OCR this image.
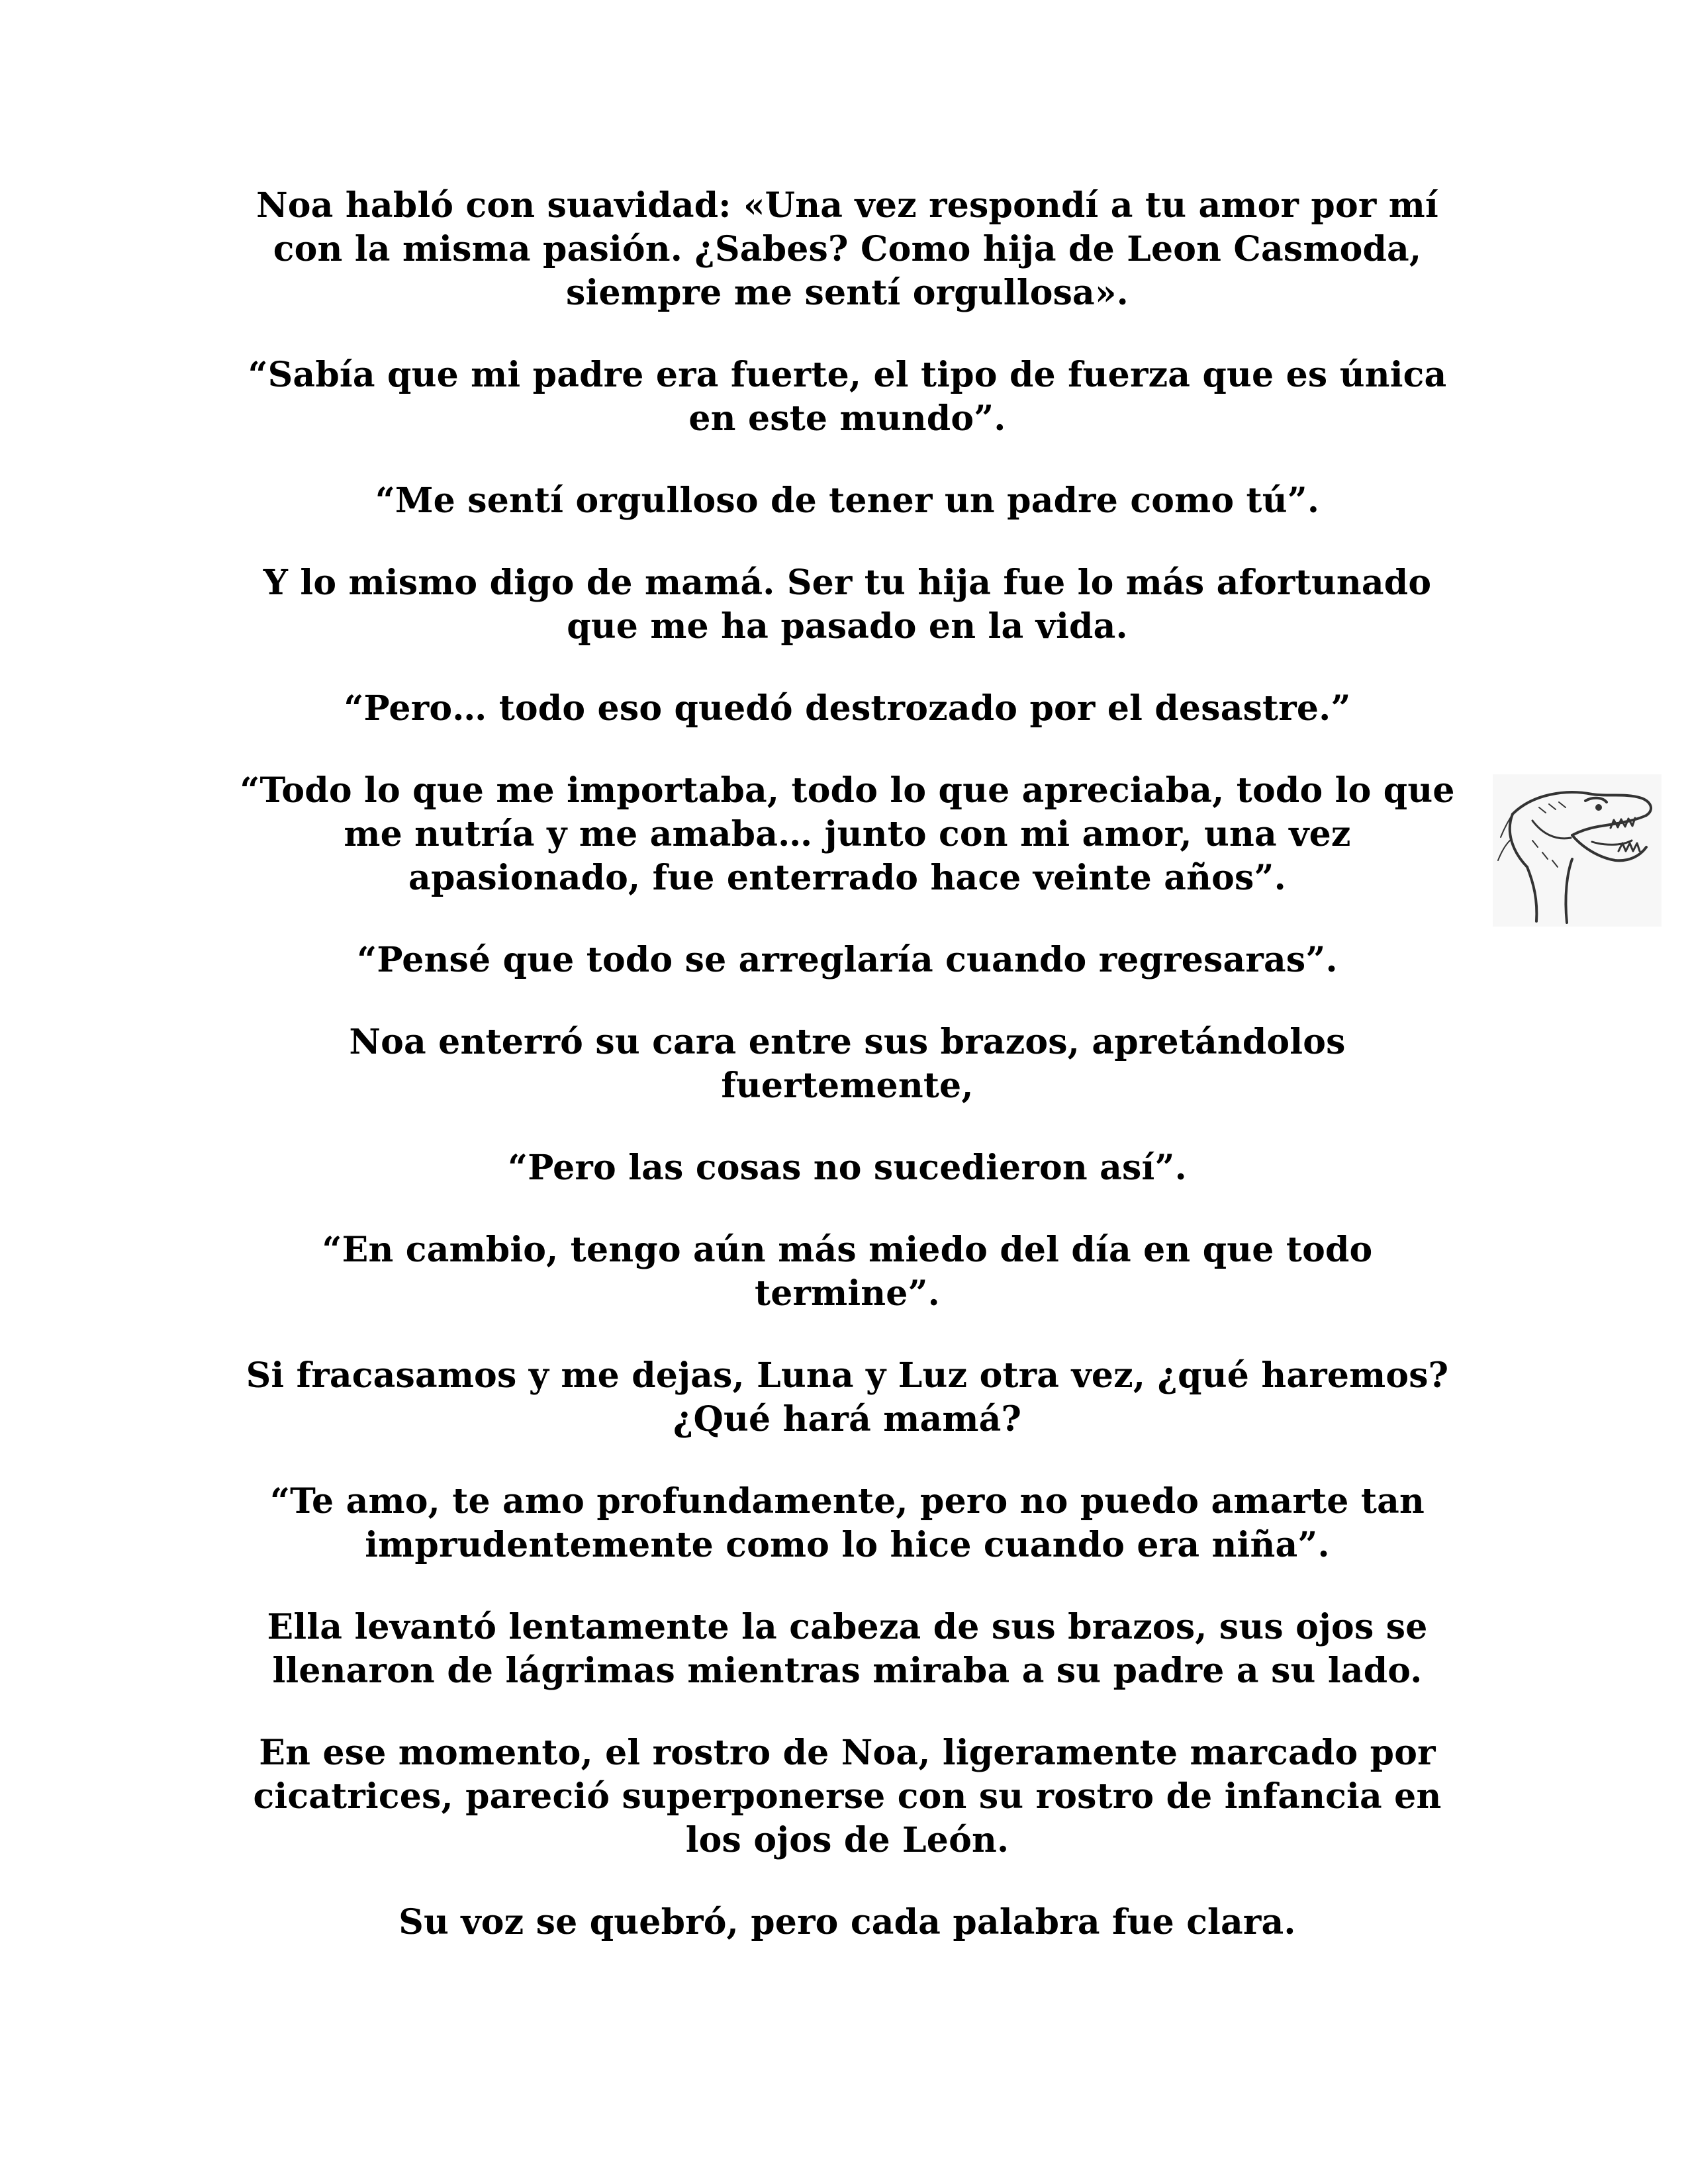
Noa habló con suavidad: «Una vez respondí a tu amor por mí con la misma pasión. ¿Sabes? Como hija de Leon Casmoda, siempre me sentí orgullosa».

“Sabía que mi padre era fuerte, el tipo de fuerza que es única en este mundo”.

“Me sentí orgulloso de tener un padre como tú”.

Y lo mismo digo de mamá. Ser tu hija fue lo más afortunado que me ha pasado en la vida.

“Pero… todo eso quedó destrozado por el desastre.”

“Todo lo que me importaba, todo lo que apreciaba, todo lo que me nutría y me amaba… junto con mi amor, una vez apasionado, fue enterrado hace veinte años”.

“Pensé que todo se arreglaría cuando regresaras”.

Noa enterró su cara entre sus brazos, apretándolos fuertemente,

“Pero las cosas no sucedieron así”.

“En cambio, tengo aún más miedo del día en que todo termine”.

Si fracasamos y me dejas, Luna y Luz otra vez, ¿qué haremos? ¿Qué hará mamá?

“Te amo, te amo profundamente, pero no puedo amarte tan imprudentemente como lo hice cuando era niña”.

Ella levantó lentamente la cabeza de sus brazos, sus ojos se llenaron de lágrimas mientras miraba a su padre a su lado.

En ese momento, el rostro de Noa, ligeramente marcado por cicatrices, pareció superponerse con su rostro de infancia en los ojos de León.

Su voz se quebró, pero cada palabra fue clara.
